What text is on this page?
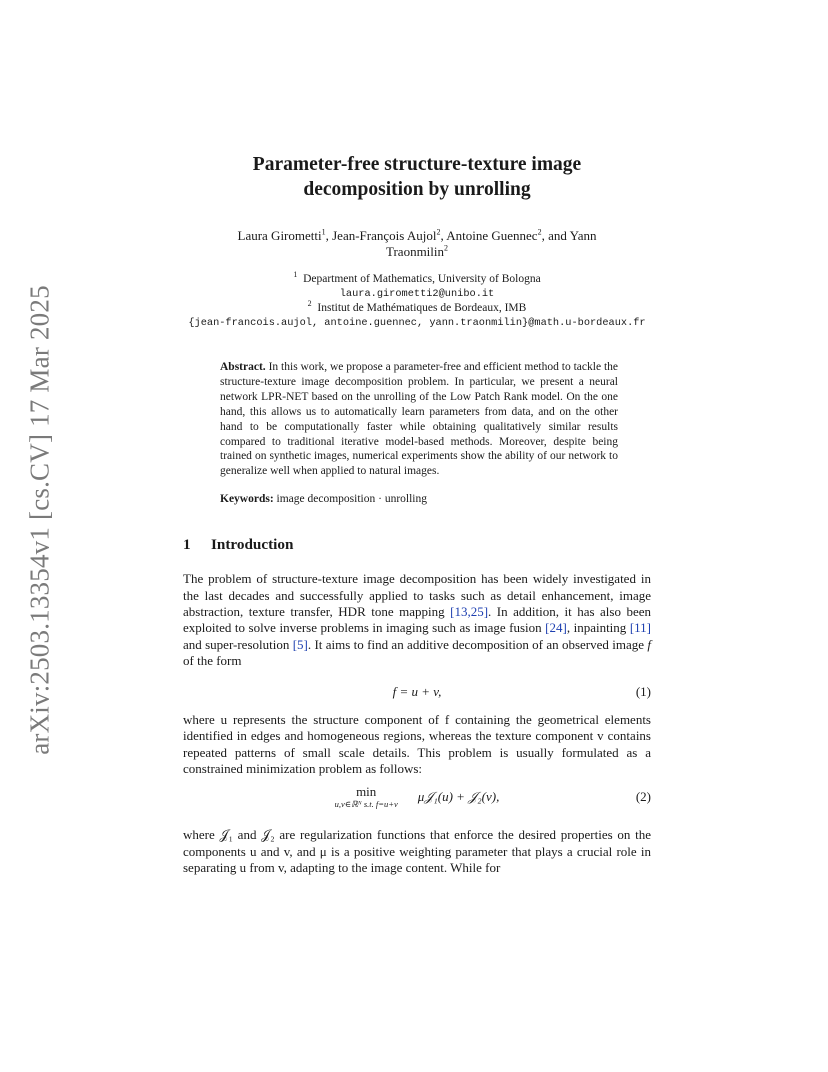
arXiv:2503.13354v1 [cs.CV] 17 Mar 2025
Parameter-free structure-texture image
decomposition by unrolling
Laura Girometti$^1$, Jean-François Aujol$^2$, Antoine Guennec$^2$, and Yann
Traonmilin$^2$
$^1$ Department of Mathematics, University of Bologna
laura.girometti2@unibo.it
$^2$ Institut de Mathématiques de Bordeaux, IMB
{jean-francois.aujol, antoine.guennec, yann.traonmilin}@math.u-bordeaux.fr
Abstract. In this work, we propose a parameter-free and efficient method to tackle the structure-texture image decomposition problem. In particular, we present a neural network LPR-NET based on the unrolling of the Low Patch Rank model. On the one hand, this allows us to automatically learn parameters from data, and on the other hand to be computationally faster while obtaining qualitatively similar results compared to traditional iterative model-based methods. Moreover, despite being trained on synthetic images, numerical experiments show the ability of our network to generalize well when applied to natural images.
Keywords: image decomposition · unrolling
1	Introduction
The problem of structure-texture image decomposition has been widely investigated in the last decades and successfully applied to tasks such as detail enhancement, image abstraction, texture transfer, HDR tone mapping [13,25]. In addition, it has also been exploited to solve inverse problems in imaging such as image fusion [24], inpainting [11] and super-resolution [5]. It aims to find an additive decomposition of an observed image f of the form
f = u + v,	(1)
where u represents the structure component of f containing the geometrical elements identified in edges and homogeneous regions, whereas the texture component v contains repeated patterns of small scale details. This problem is usually formulated as a constrained minimization problem as follows:
min
u,v∈ℝᴺ s.t. f=u+v μ𝒥₁(u) + 𝒥₂(v),	(2)
where 𝒥₁ and 𝒥₂ are regularization functions that enforce the desired properties on the components u and v, and μ is a positive weighting parameter that plays a crucial role in separating u from v, adapting to the image content. While for
